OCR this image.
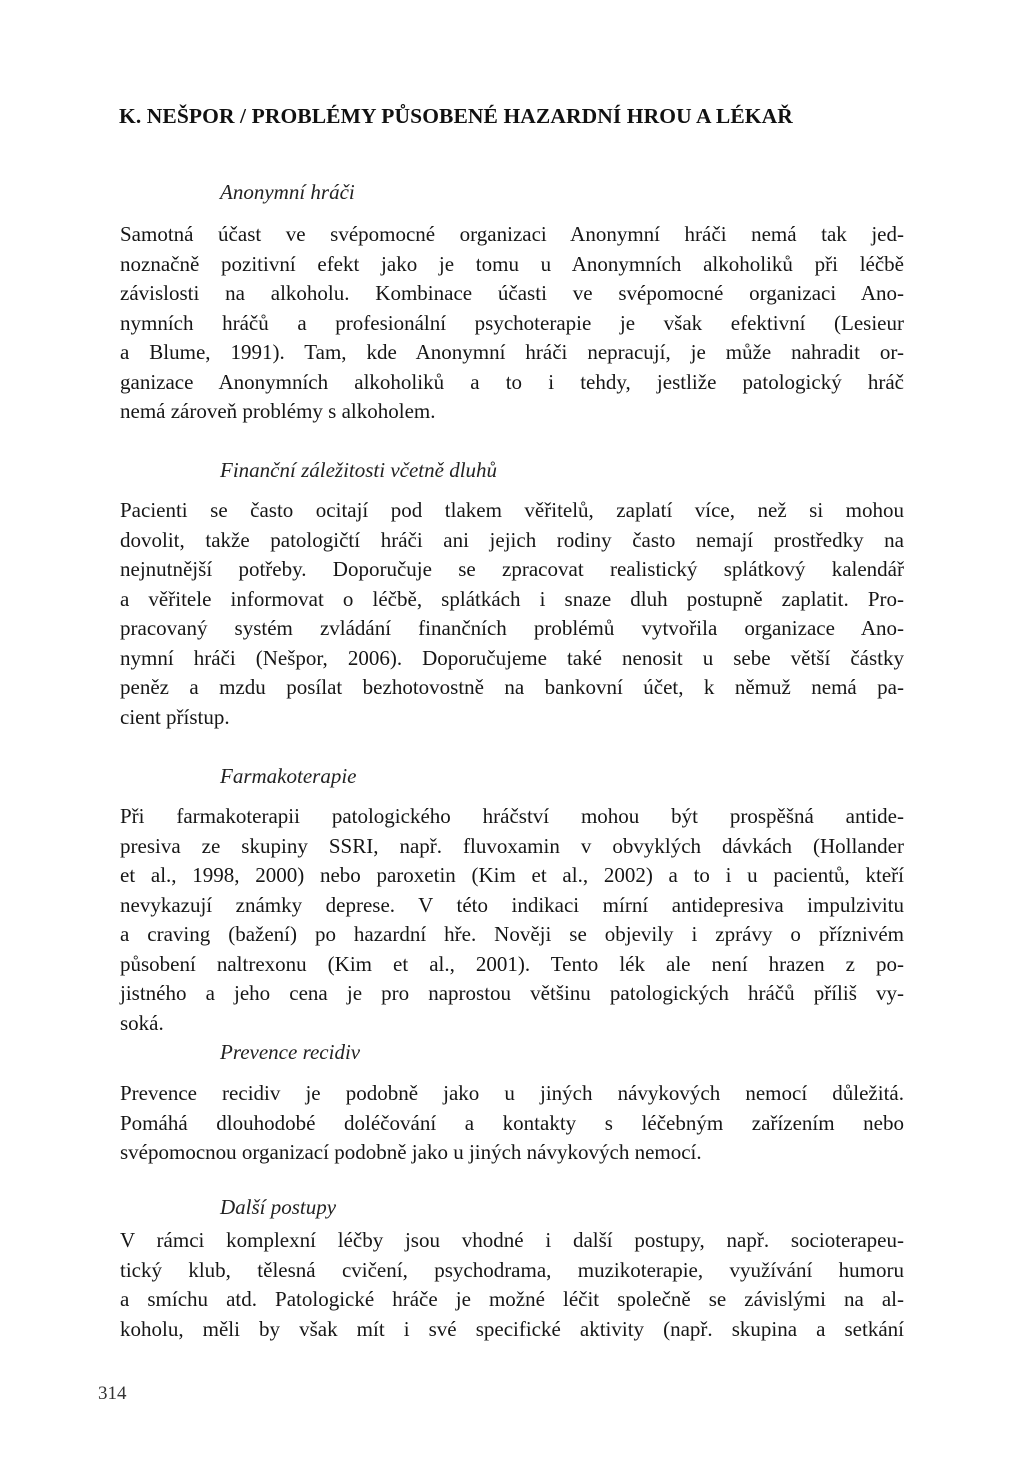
K. NEŠPOR / PROBLÉMY PŮSOBENÉ HAZARDNÍ HROU A LÉKAŘ
Anonymní hráči
Samotná účast ve svépomocné organizaci Anonymní hráči nemá tak jed-
noznačně pozitivní efekt jako je tomu u Anonymních alkoholiků při léčbě
závislosti na alkoholu. Kombinace účasti ve svépomocné organizaci Ano-
nymních hráčů a profesionální psychoterapie je však efektivní (Lesieur
a Blume, 1991). Tam, kde Anonymní hráči nepracují, je může nahradit or-
ganizace Anonymních alkoholiků a to i tehdy, jestliže patologický hráč
nemá zároveň problémy s alkoholem.
Finanční záležitosti včetně dluhů
Pacienti se často ocitají pod tlakem věřitelů, zaplatí více, než si mohou
dovolit, takže patologičtí hráči ani jejich rodiny často nemají prostředky na
nejnutnější potřeby. Doporučuje se zpracovat realistický splátkový kalendář
a věřitele informovat o léčbě, splátkách i snaze dluh postupně zaplatit. Pro-
pracovaný systém zvládání finančních problémů vytvořila organizace Ano-
nymní hráči (Nešpor, 2006). Doporučujeme také nenosit u sebe větší částky
peněz a mzdu posílat bezhotovostně na bankovní účet, k němuž nemá pa-
cient přístup.
Farmakoterapie
Při farmakoterapii patologického hráčství mohou být prospěšná antide-
presiva ze skupiny SSRI, např. fluvoxamin v obvyklých dávkách (Hollander
et al., 1998, 2000) nebo paroxetin (Kim et al., 2002) a to i u pacientů, kteří
nevykazují známky deprese. V této indikaci mírní antidepresiva impulzivitu
a craving (bažení) po hazardní hře. Nověji se objevily i zprávy o příznivém
působení naltrexonu (Kim et al., 2001). Tento lék ale není hrazen z po-
jistného a jeho cena je pro naprostou většinu patologických hráčů příliš vy-
soká.
Prevence recidiv
Prevence recidiv je podobně jako u jiných návykových nemocí důležitá.
Pomáhá dlouhodobé doléčování a kontakty s léčebným zařízením nebo
svépomocnou organizací podobně jako u jiných návykových nemocí.
Další postupy
V rámci komplexní léčby jsou vhodné i další postupy, např. socioterapeu-
tický klub, tělesná cvičení, psychodrama, muzikoterapie, využívání humoru
a smíchu atd. Patologické hráče je možné léčit společně se závislými na al-
koholu, měli by však mít i své specifické aktivity (např. skupina a setkání
314
